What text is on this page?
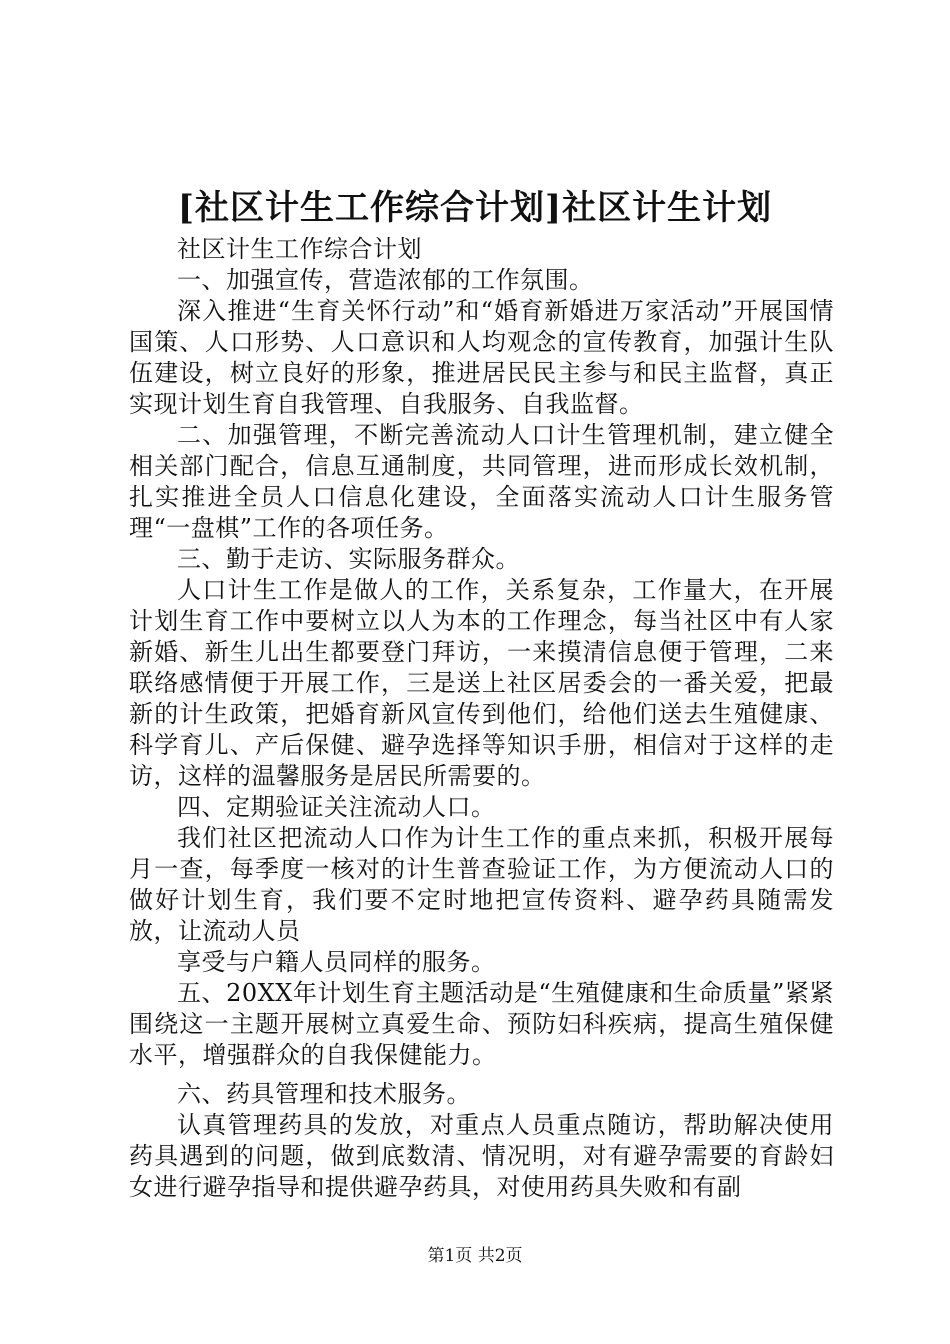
[社区计生工作综合计划]社区计生计划

社区计生工作综合计划

一、加强宣传，营造浓郁的工作氛围。

深入推进“生育关怀行动”和“婚育新婚进万家活动”开展国情国策、人口形势、人口意识和人均观念的宣传教育，加强计生队伍建设，树立良好的形象，推进居民民主参与和民主监督，真正实现计划生育自我管理、自我服务、自我监督。

二、加强管理，不断完善流动人口计生管理机制，建立健全相关部门配合，信息互通制度，共同管理，进而形成长效机制，扎实推进全员人口信息化建设，全面落实流动人口计生服务管理“一盘棋”工作的各项任务。

三、勤于走访、实际服务群众。

人口计生工作是做人的工作，关系复杂，工作量大，在开展计划生育工作中要树立以人为本的工作理念，每当社区中有人家新婚、新生儿出生都要登门拜访，一来摸清信息便于管理，二来联络感情便于开展工作，三是送上社区居委会的一番关爱，把最新的计生政策，把婚育新风宣传到他们，给他们送去生殖健康、科学育儿、产后保健、避孕选择等知识手册，相信对于这样的走访，这样的温馨服务是居民所需要的。

四、定期验证关注流动人口。

我们社区把流动人口作为计生工作的重点来抓，积极开展每月一查，每季度一核对的计生普查验证工作，为方便流动人口的做好计划生育，我们要不定时地把宣传资料、避孕药具随需发放，让流动人员

享受与户籍人员同样的服务。

五、20XX年计划生育主题活动是“生殖健康和生命质量”紧紧围绕这一主题开展树立真爱生命、预防妇科疾病，提高生殖保健水平，增强群众的自我保健能力。

六、药具管理和技术服务。

认真管理药具的发放，对重点人员重点随访，帮助解决使用药具遇到的问题，做到底数清、情况明，对有避孕需要的育龄妇女进行避孕指导和提供避孕药具，对使用药具失败和有副

第1页 共2页
